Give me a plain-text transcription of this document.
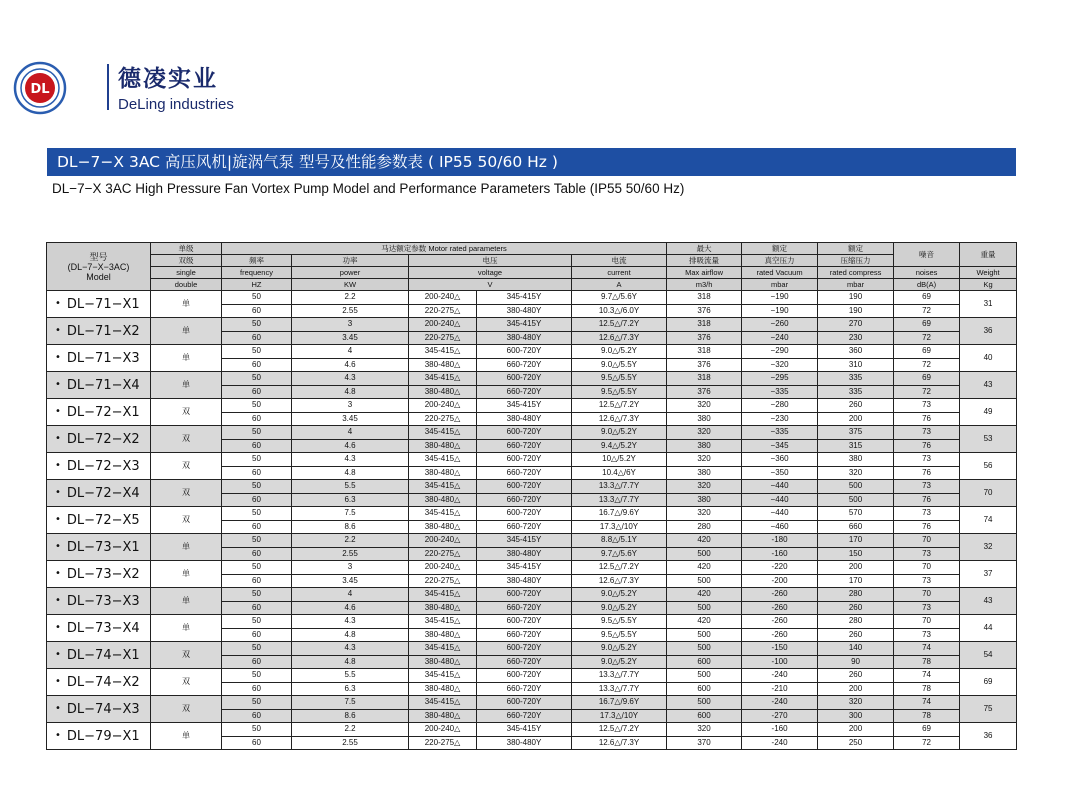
DL	德凌实业
DeLing industries
DL−7−X 3AC 高压风机|旋涡气泵 型号及性能参数表 ( IP55 50/60 Hz )
DL−7−X 3AC High Pressure Fan Vortex Pump Model and Performance Parameters Table (IP55 50/60 Hz)
型号
(DL−7−X−3AC)
Model	单级	马达额定参数 Motor rated parameters					最大	额定	额定	噪音	重量
	双级	频率	功率	电压		电流	排吸流量	真空压力	压缩压力		
	single	frequency	power	voltage		current	Max airflow	rated Vacuum	rated compress	noises	Weight
	double	HZ	KW	V		A	m3/h	mbar	mbar	dB(A)	Kg
• DL−71−X1	单	50	2.2	200-240△	345-415Y	9.7△/5.6Y	318	−190	190	69	31
		60	2.55	220-275△	380-480Y	10.3△/6.0Y	376	−190	190	72	
• DL−71−X2	单	50	3	200-240△	345-415Y	12.5△/7.2Y	318	−260	270	69	36
		60	3.45	220-275△	380-480Y	12.6△/7.3Y	376	−240	230	72	
• DL−71−X3	单	50	4	345-415△	600-720Y	9.0△/5.2Y	318	−290	360	69	40
		60	4.6	380-480△	660-720Y	9.0△/5.5Y	376	−320	310	72	
• DL−71−X4	单	50	4.3	345-415△	600-720Y	9.5△/5.5Y	318	−295	335	69	43
		60	4.8	380-480△	660-720Y	9.5△/5.5Y	376	−335	335	72	
• DL−72−X1	双	50	3	200-240△	345-415Y	12.5△/7.2Y	320	−280	260	73	49
		60	3.45	220-275△	380-480Y	12.6△/7.3Y	380	−230	200	76	
• DL−72−X2	双	50	4	345-415△	600-720Y	9.0△/5.2Y	320	−335	375	73	53
		60	4.6	380-480△	660-720Y	9.4△/5.2Y	380	−345	315	76	
• DL−72−X3	双	50	4.3	345-415△	600-720Y	10△/5.2Y	320	−360	380	73	56
		60	4.8	380-480△	660-720Y	10.4△/6Y	380	−350	320	76	
• DL−72−X4	双	50	5.5	345-415△	600-720Y	13.3△/7.7Y	320	−440	500	73	70
		60	6.3	380-480△	660-720Y	13.3△/7.7Y	380	−440	500	76	
• DL−72−X5	双	50	7.5	345-415△	600-720Y	16.7△/9.6Y	320	−440	570	73	74
		60	8.6	380-480△	660-720Y	17.3△/10Y	280	−460	660	76	
• DL−73−X1	单	50	2.2	200-240△	345-415Y	8.8△/5.1Y	420	-180	170	70	32
		60	2.55	220-275△	380-480Y	9.7△/5.6Y	500	-160	150	73	
• DL−73−X2	单	50	3	200-240△	345-415Y	12.5△/7.2Y	420	-220	200	70	37
		60	3.45	220-275△	380-480Y	12.6△/7.3Y	500	-200	170	73	
• DL−73−X3	单	50	4	345-415△	600-720Y	9.0△/5.2Y	420	-260	280	70	43
		60	4.6	380-480△	660-720Y	9.0△/5.2Y	500	-260	260	73	
• DL−73−X4	单	50	4.3	345-415△	600-720Y	9.5△/5.5Y	420	-260	280	70	44
		60	4.8	380-480△	660-720Y	9.5△/5.5Y	500	-260	260	73	
• DL−74−X1	双	50	4.3	345-415△	600-720Y	9.0△/5.2Y	500	-150	140	74	54
		60	4.8	380-480△	660-720Y	9.0△/5.2Y	600	-100	90	78	
• DL−74−X2	双	50	5.5	345-415△	600-720Y	13.3△/7.7Y	500	-240	260	74	69
		60	6.3	380-480△	660-720Y	13.3△/7.7Y	600	-210	200	78	
• DL−74−X3	双	50	7.5	345-415△	600-720Y	16.7△/9.6Y	500	-240	320	74	75
		60	8.6	380-480△	660-720Y	17.3△/10Y	600	-270	300	78	
• DL−79−X1	单	50	2.2	200-240△	345-415Y	12.5△/7.2Y	320	-160	200	69	36
		60	2.55	220-275△	380-480Y	12.6△/7.3Y	370	-240	250	72	
